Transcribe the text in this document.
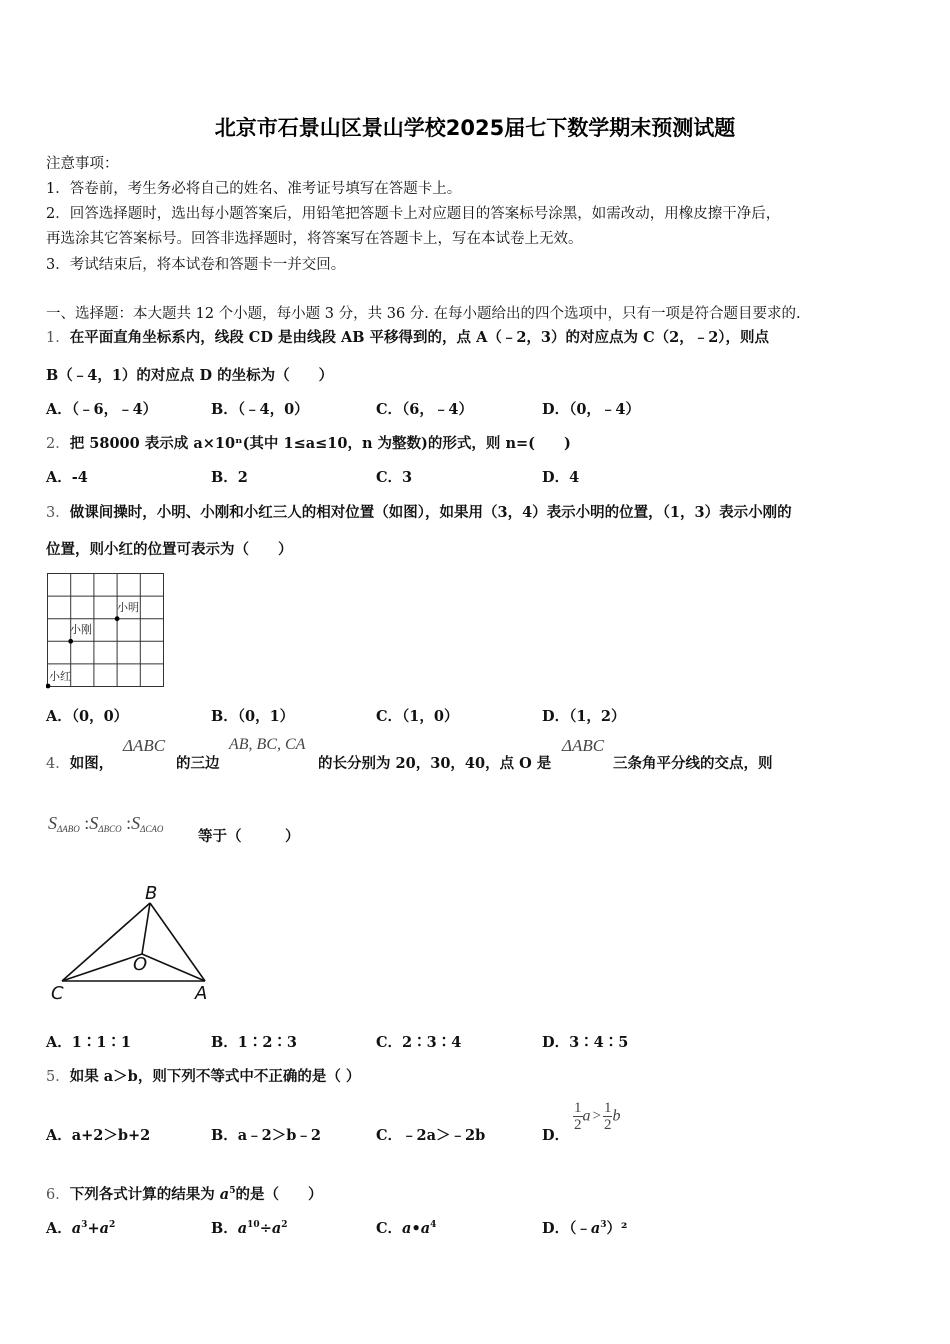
北京市石景山区景山学校2025届七下数学期末预测试题
注意事项：
1．答卷前，考生务必将自己的姓名、准考证号填写在答题卡上。
2．回答选择题时，选出每小题答案后，用铅笔把答题卡上对应题目的答案标号涂黑，如需改动，用橡皮擦干净后，
再选涂其它答案标号。回答非选择题时，将答案写在答题卡上，写在本试卷上无效。
3．考试结束后，将本试卷和答题卡一并交回。
一、选择题：本大题共 12 个小题，每小题 3 分，共 36 分. 在每小题给出的四个选项中，只有一项是符合题目要求的.
1．在平面直角坐标系内，线段 CD 是由线段 AB 平移得到的，点 A（﹣2，3）的对应点为 C（2，﹣2），则点
B（﹣4，1）的对应点 D 的坐标为（　　）
A．（﹣6，﹣4）	B．（﹣4，0）	C．（6，﹣4）	D．（0，﹣4）
2．把 58000 表示成 a×10ⁿ(其中 1≤a≤10，n 为整数)的形式，则 n=(　　)
A．-4	B．2	C．3	D．4
3．做课间操时，小明、小刚和小红三人的相对位置（如图），如果用（3，4）表示小明的位置，（1，3）表示小刚的
位置，则小红的位置可表示为（　　）
小明
小刚
小红
A．（0，0）	B．（0，1）	C．（1，0）	D．（1，2）
4．如图，
ΔABC
的三边
AB, BC, CA
的长分别为 20，30，40，点 O 是
ΔABC
三条角平分线的交点，则
$S_{\Delta ABO}$ $:S_{\Delta BCO}$ $:S_{\Delta CAO}$ 等于（　　　）
B
O
C	A
A．1∶1∶1	B．1∶2∶3	C．2∶3∶4	D．3∶4∶5
5．如果 a＞b，则下列不等式中不正确的是（ ）
A．a+2＞b+2	B．a﹣2＞b﹣2	C．﹣2a＞﹣2b	D．
$\frac{1}{2}$ $a > \frac{1}{2}$ b
6．下列各式计算的结果为 $a^5$的是（　　）
A．$a^3+a^2$	B．$a^{10}\div a^2$	C．$a•a^4$	D．$(﹣a^3)^2$
